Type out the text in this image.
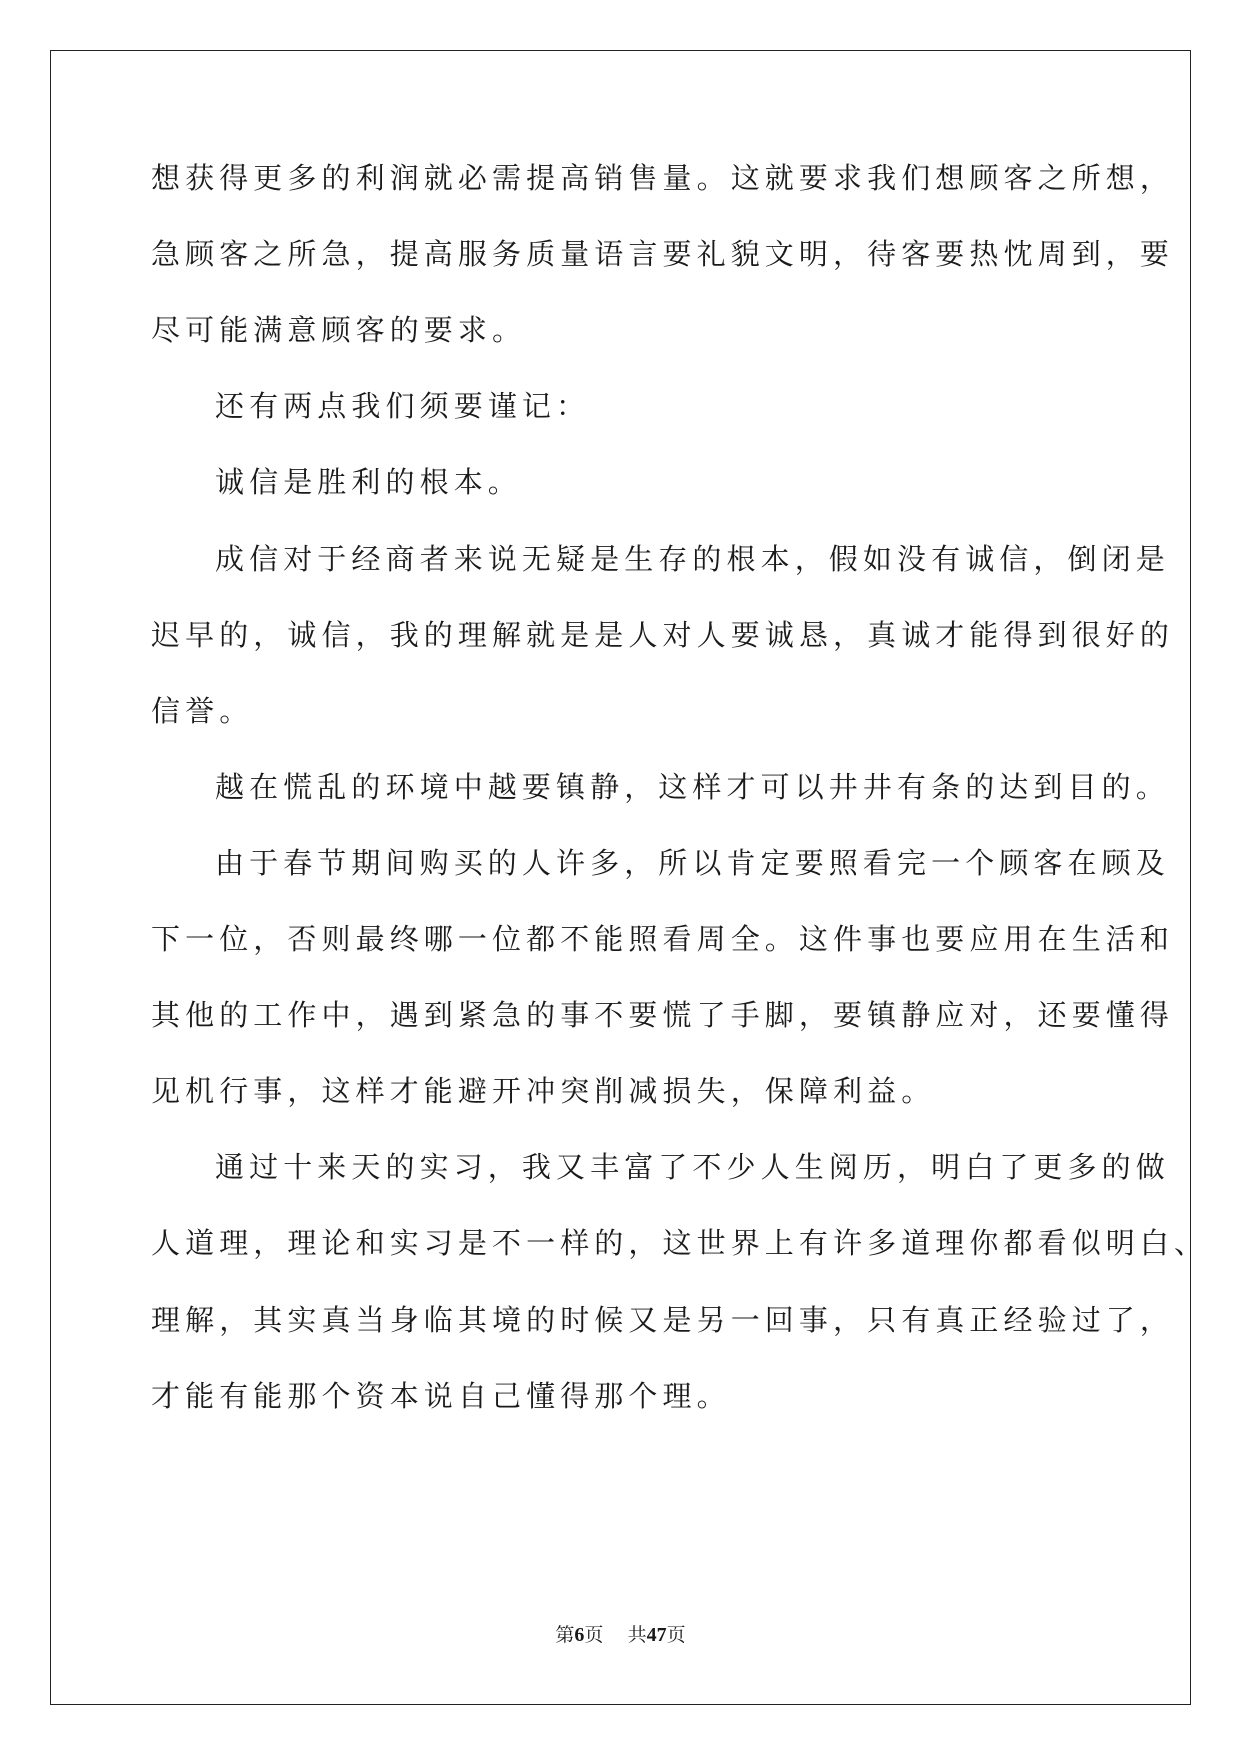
想获得更多的利润就必需提高销售量。这就要求我们想顾客之所想，
急顾客之所急，提高服务质量语言要礼貌文明，待客要热忱周到，要
尽可能满意顾客的要求。
还有两点我们须要谨记：
诚信是胜利的根本。
成信对于经商者来说无疑是生存的根本，假如没有诚信，倒闭是
迟早的，诚信，我的理解就是是人对人要诚恳，真诚才能得到很好的
信誉。
越在慌乱的环境中越要镇静，这样才可以井井有条的达到目的。
由于春节期间购买的人许多，所以肯定要照看完一个顾客在顾及
下一位，否则最终哪一位都不能照看周全。这件事也要应用在生活和
其他的工作中，遇到紧急的事不要慌了手脚，要镇静应对，还要懂得
见机行事，这样才能避开冲突削减损失，保障利益。
通过十来天的实习，我又丰富了不少人生阅历，明白了更多的做
人道理，理论和实习是不一样的，这世界上有许多道理你都看似明白、
理解，其实真当身临其境的时候又是另一回事，只有真正经验过了，
才能有能那个资本说自己懂得那个理。
第6页 共47页
